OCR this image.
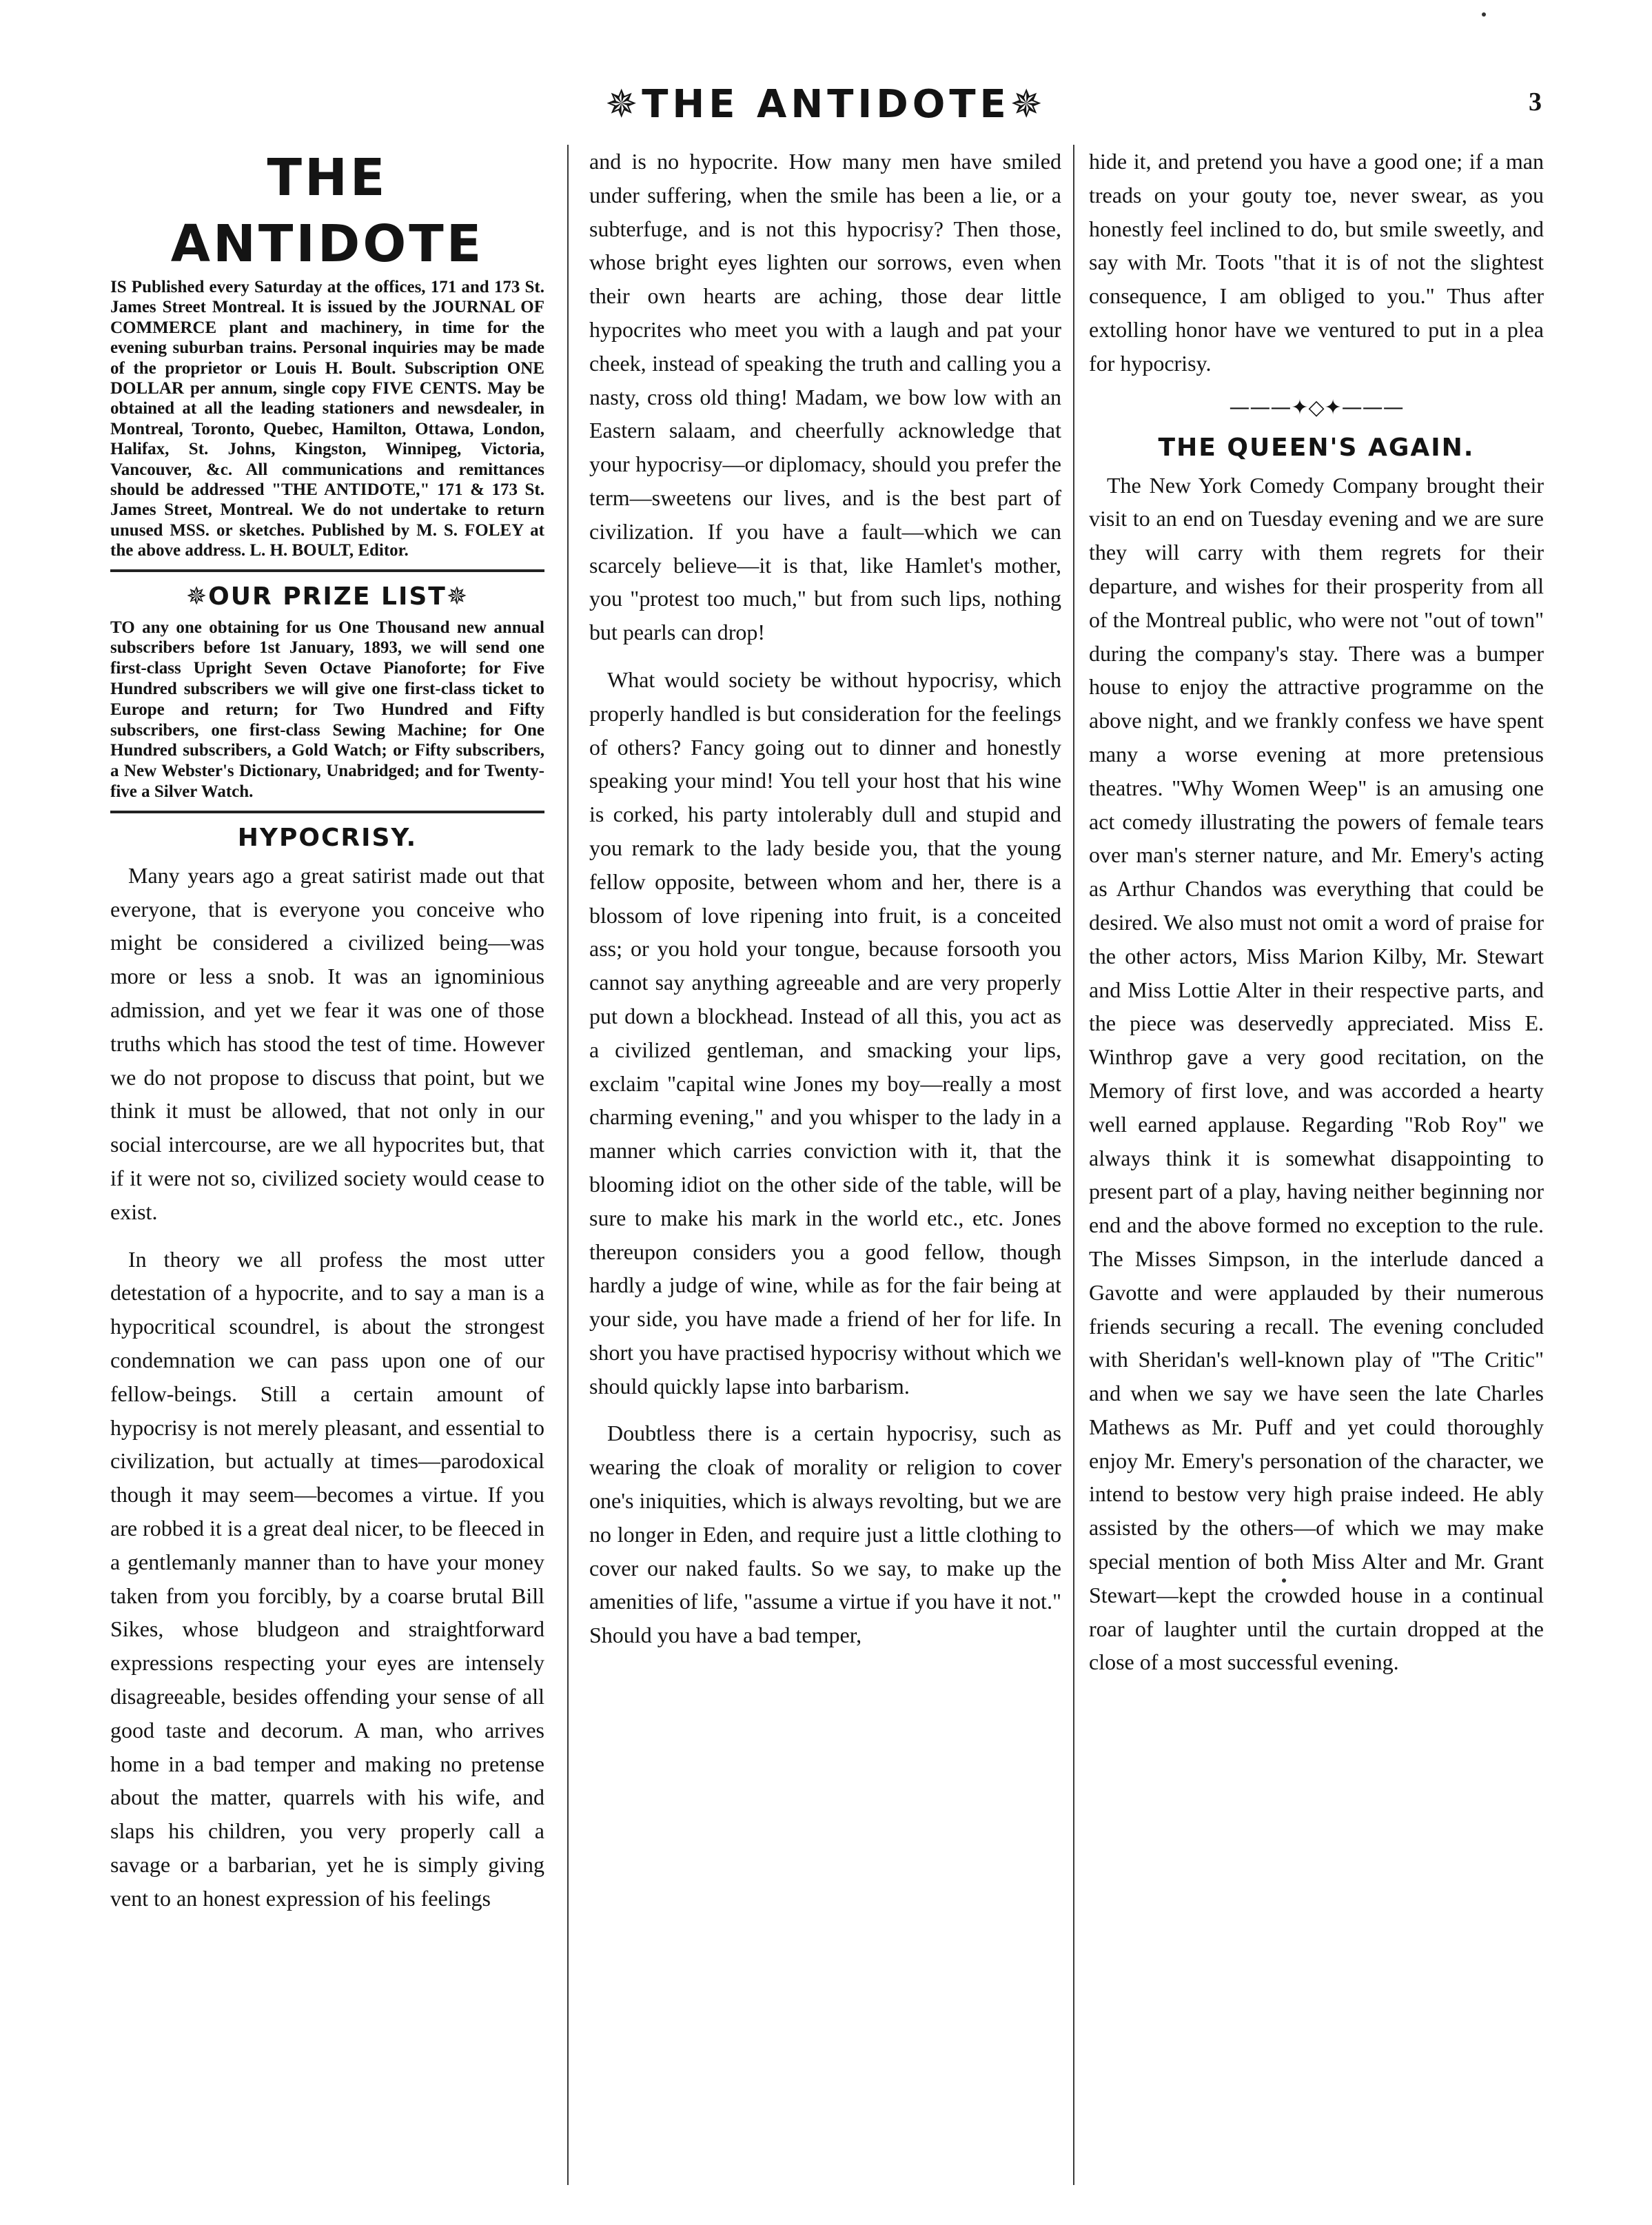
✵THE ANTIDOTE✵	3
THE ANTIDOTE

IS Published every Saturday at the offices, 171 and 173 St. James Street Montreal. It is issued by the JOURNAL OF COMMERCE plant and machinery, in time for the evening suburban trains. Personal inquiries may be made of the proprietor or Louis H. Boult. Subscription ONE DOLLAR per annum, single copy FIVE CENTS. May be obtained at all the leading stationers and newsdealer, in Montreal, Toronto, Quebec, Hamilton, Ottawa, London, Halifax, St. Johns, Kingston, Winnipeg, Victoria, Vancouver, &c. All communications and remittances should be addressed "THE ANTIDOTE," 171 & 173 St. James Street, Montreal. We do not undertake to return unused MSS. or sketches. Published by M. S. FOLEY at the above address. L. H. BOULT, Editor.

✵OUR PRIZE LIST✵

TO any one obtaining for us One Thousand new annual subscribers before 1st January, 1893, we will send one first-class Upright Seven Octave Pianoforte; for Five Hundred subscribers we will give one first-class ticket to Europe and return; for Two Hundred and Fifty subscribers, one first-class Sewing Machine; for One Hundred subscribers, a Gold Watch; or Fifty subscribers, a New Webster's Dictionary, Unabridged; and for Twenty-five a Silver Watch.

HYPOCRISY.

Many years ago a great satirist made out that everyone, that is everyone you conceive who might be considered a civilized being—was more or less a snob. It was an ignominious admission, and yet we fear it was one of those truths which has stood the test of time. However we do not propose to discuss that point, but we think it must be allowed, that not only in our social intercourse, are we all hypocrites but, that if it were not so, civilized society would cease to exist.

In theory we all profess the most utter detestation of a hypocrite, and to say a man is a hypocritical scoundrel, is about the strongest condemnation we can pass upon one of our fellow-beings. Still a certain amount of hypocrisy is not merely pleasant, and essential to civilization, but actually at times—parodoxical though it may seem—becomes a virtue. If you are robbed it is a great deal nicer, to be fleeced in a gentlemanly manner than to have your money taken from you forcibly, by a coarse brutal Bill Sikes, whose bludgeon and straightforward expressions respecting your eyes are intensely disagreeable, besides offending your sense of all good taste and decorum. A man, who arrives home in a bad temper and making no pretense about the matter, quarrels with his wife, and slaps his children, you very properly call a savage or a barbarian, yet he is simply giving vent to an honest expression of his feelings

and is no hypocrite. How many men have smiled under suffering, when the smile has been a lie, or a subterfuge, and is not this hypocrisy? Then those, whose bright eyes lighten our sorrows, even when their own hearts are aching, those dear little hypocrites who meet you with a laugh and pat your cheek, instead of speaking the truth and calling you a nasty, cross old thing! Madam, we bow low with an Eastern salaam, and cheerfully acknowledge that your hypocrisy—or diplomacy, should you prefer the term—sweetens our lives, and is the best part of civilization. If you have a fault—which we can scarcely believe—it is that, like Hamlet's mother, you "protest too much," but from such lips, nothing but pearls can drop!

What would society be without hypocrisy, which properly handled is but consideration for the feelings of others? Fancy going out to dinner and honestly speaking your mind! You tell your host that his wine is corked, his party intolerably dull and stupid and you remark to the lady beside you, that the young fellow opposite, between whom and her, there is a blossom of love ripening into fruit, is a conceited ass; or you hold your tongue, because forsooth you cannot say anything agreeable and are very properly put down a blockhead. Instead of all this, you act as a civilized gentleman, and smacking your lips, exclaim "capital wine Jones my boy—really a most charming evening," and you whisper to the lady in a manner which carries conviction with it, that the blooming idiot on the other side of the table, will be sure to make his mark in the world etc., etc. Jones thereupon considers you a good fellow, though hardly a judge of wine, while as for the fair being at your side, you have made a friend of her for life. In short you have practised hypocrisy without which we should quickly lapse into barbarism.

Doubtless there is a certain hypocrisy, such as wearing the cloak of morality or religion to cover one's iniquities, which is always revolting, but we are no longer in Eden, and require just a little clothing to cover our naked faults. So we say, to make up the amenities of life, "assume a virtue if you have it not." Should you have a bad temper,

hide it, and pretend you have a good one; if a man treads on your gouty toe, never swear, as you honestly feel inclined to do, but smile sweetly, and say with Mr. Toots "that it is of not the slightest consequence, I am obliged to you." Thus after extolling honor have we ventured to put in a plea for hypocrisy.

———✦◇✦———
THE QUEEN'S AGAIN.

The New York Comedy Company brought their visit to an end on Tuesday evening and we are sure they will carry with them regrets for their departure, and wishes for their prosperity from all of the Montreal public, who were not "out of town" during the company's stay. There was a bumper house to enjoy the attractive programme on the above night, and we frankly confess we have spent many a worse evening at more pretensious theatres. "Why Women Weep" is an amusing one act comedy illustrating the powers of female tears over man's sterner nature, and Mr. Emery's acting as Arthur Chandos was everything that could be desired. We also must not omit a word of praise for the other actors, Miss Marion Kilby, Mr. Stewart and Miss Lottie Alter in their respective parts, and the piece was deservedly appreciated. Miss E. Winthrop gave a very good recitation, on the Memory of first love, and was accorded a hearty well earned applause. Regarding "Rob Roy" we always think it is somewhat disappointing to present part of a play, having neither beginning nor end and the above formed no exception to the rule. The Misses Simpson, in the interlude danced a Gavotte and were applauded by their numerous friends securing a recall. The evening concluded with Sheridan's well-known play of "The Critic" and when we say we have seen the late Charles Mathews as Mr. Puff and yet could thoroughly enjoy Mr. Emery's personation of the character, we intend to bestow very high praise indeed. He ably assisted by the others—of which we may make special mention of both Miss Alter and Mr. Grant Stewart—kept the crowded house in a continual roar of laughter until the curtain dropped at the close of a most successful evening.
